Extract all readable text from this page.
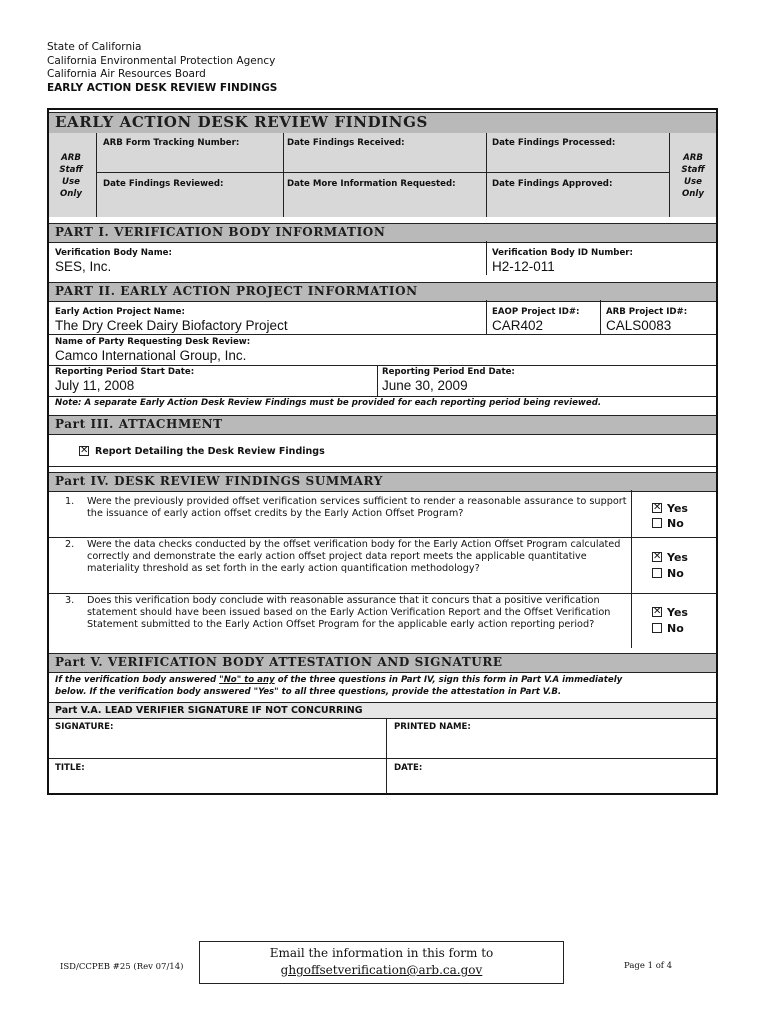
State of California
California Environmental Protection Agency
California Air Resources Board
EARLY ACTION DESK REVIEW FINDINGS
EARLY ACTION DESK REVIEW FINDINGS
ARB
Staff
Use
Only
ARB
Staff
Use
Only
ARB Form Tracking Number:	Date Findings Received:	Date Findings Processed:
Date Findings Reviewed:	Date More Information Requested:	Date Findings Approved:
PART I. VERIFICATION BODY INFORMATION
Verification Body Name:
SES, Inc.
Verification Body ID Number:
H2-12-011
PART II. EARLY ACTION PROJECT INFORMATION
Early Action Project Name:
The Dry Creek Dairy Biofactory Project
EAOP Project ID#:
CAR402
ARB Project ID#:
CALS0083
Name of Party Requesting Desk Review:
Camco International Group, Inc.
Reporting Period Start Date:
July 11, 2008
Reporting Period End Date:
June 30, 2009
Note: A separate Early Action Desk Review Findings must be provided for each reporting period being reviewed.
Part III. ATTACHMENT
✕ Report Detailing the Desk Review Findings
Part IV. DESK REVIEW FINDINGS SUMMARY
1. Were the previously provided offset verification services sufficient to render a reasonable assurance to support the issuance of early action offset credits by the Early Action Offset Program?
✕ Yes
No
2. Were the data checks conducted by the offset verification body for the Early Action Offset Program calculated correctly and demonstrate the early action offset project data report meets the applicable quantitative materiality threshold as set forth in the early action quantification methodology?
✕ Yes
No
3. Does this verification body conclude with reasonable assurance that it concurs that a positive verification statement should have been issued based on the Early Action Verification Report and the Offset Verification Statement submitted to the Early Action Offset Program for the applicable early action reporting period?
✕ Yes
No
Part V. VERIFICATION BODY ATTESTATION AND SIGNATURE
If the verification body answered "No" to any of the three questions in Part IV, sign this form in Part V.A immediately
below. If the verification body answered "Yes" to all three questions, provide the attestation in Part V.B.
Part V.A. LEAD VERIFIER SIGNATURE IF NOT CONCURRING
SIGNATURE:	PRINTED NAME:
TITLE:	DATE:
ISD/CCPEB #25 (Rev 07/14)
Email the information in this form to
ghgoffsetverification@arb.ca.gov	Page 1 of 4
